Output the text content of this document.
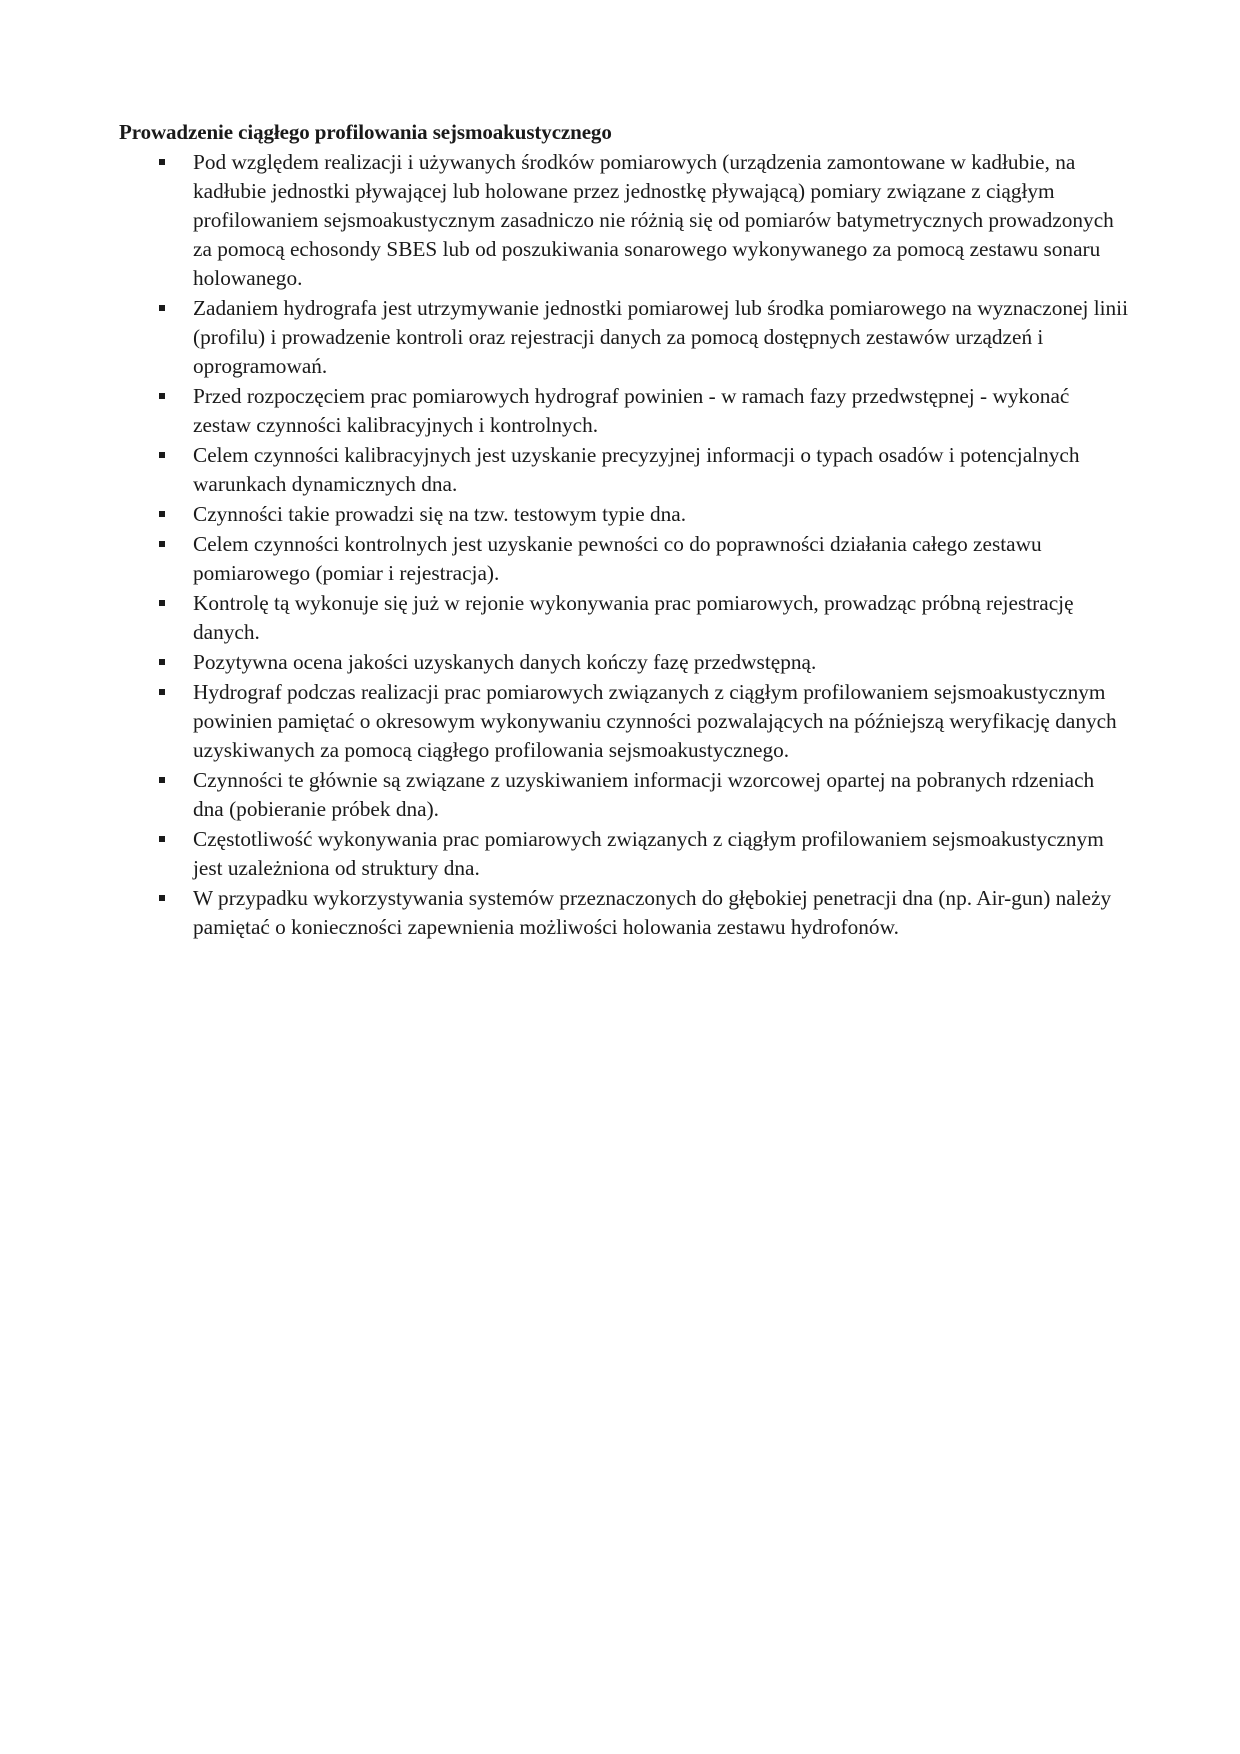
Prowadzenie ciągłego profilowania sejsmoakustycznego
Pod względem realizacji i używanych środków pomiarowych (urządzenia zamontowane w kadłubie, na kadłubie jednostki pływającej lub holowane przez jednostkę pływającą) pomiary związane z ciągłym profilowaniem sejsmoakustycznym zasadniczo nie różnią się od pomiarów batymetrycznych prowadzonych za pomocą echosondy SBES lub od poszukiwania sonarowego wykonywanego za pomocą zestawu sonaru holowanego.
Zadaniem hydrografa jest utrzymywanie jednostki pomiarowej lub środka pomiarowego na wyznaczonej linii (profilu) i prowadzenie kontroli oraz rejestracji danych za pomocą dostępnych zestawów urządzeń i oprogramowań.
Przed rozpoczęciem prac pomiarowych hydrograf powinien - w ramach fazy przedwstępnej - wykonać zestaw czynności kalibracyjnych i kontrolnych.
Celem czynności kalibracyjnych jest uzyskanie precyzyjnej informacji o typach osadów i potencjalnych warunkach dynamicznych dna.
Czynności takie prowadzi się na tzw. testowym typie dna.
Celem czynności kontrolnych jest uzyskanie pewności co do poprawności działania całego zestawu pomiarowego (pomiar i rejestracja).
Kontrolę tą wykonuje się już w rejonie wykonywania prac pomiarowych, prowadząc próbną rejestrację danych.
Pozytywna ocena jakości uzyskanych danych kończy fazę przedwstępną.
Hydrograf podczas realizacji prac pomiarowych związanych z ciągłym profilowaniem sejsmoakustycznym powinien pamiętać o okresowym wykonywaniu czynności pozwalających na późniejszą weryfikację danych uzyskiwanych za pomocą ciągłego profilowania sejsmoakustycznego.
Czynności te głównie są związane z uzyskiwaniem informacji wzorcowej opartej na pobranych rdzeniach dna (pobieranie próbek dna).
Częstotliwość wykonywania prac pomiarowych związanych z ciągłym profilowaniem sejsmoakustycznym jest uzależniona od struktury dna.
W przypadku wykorzystywania systemów przeznaczonych do głębokiej penetracji dna (np. Air-gun) należy pamiętać o konieczności zapewnienia możliwości holowania zestawu hydrofonów.
